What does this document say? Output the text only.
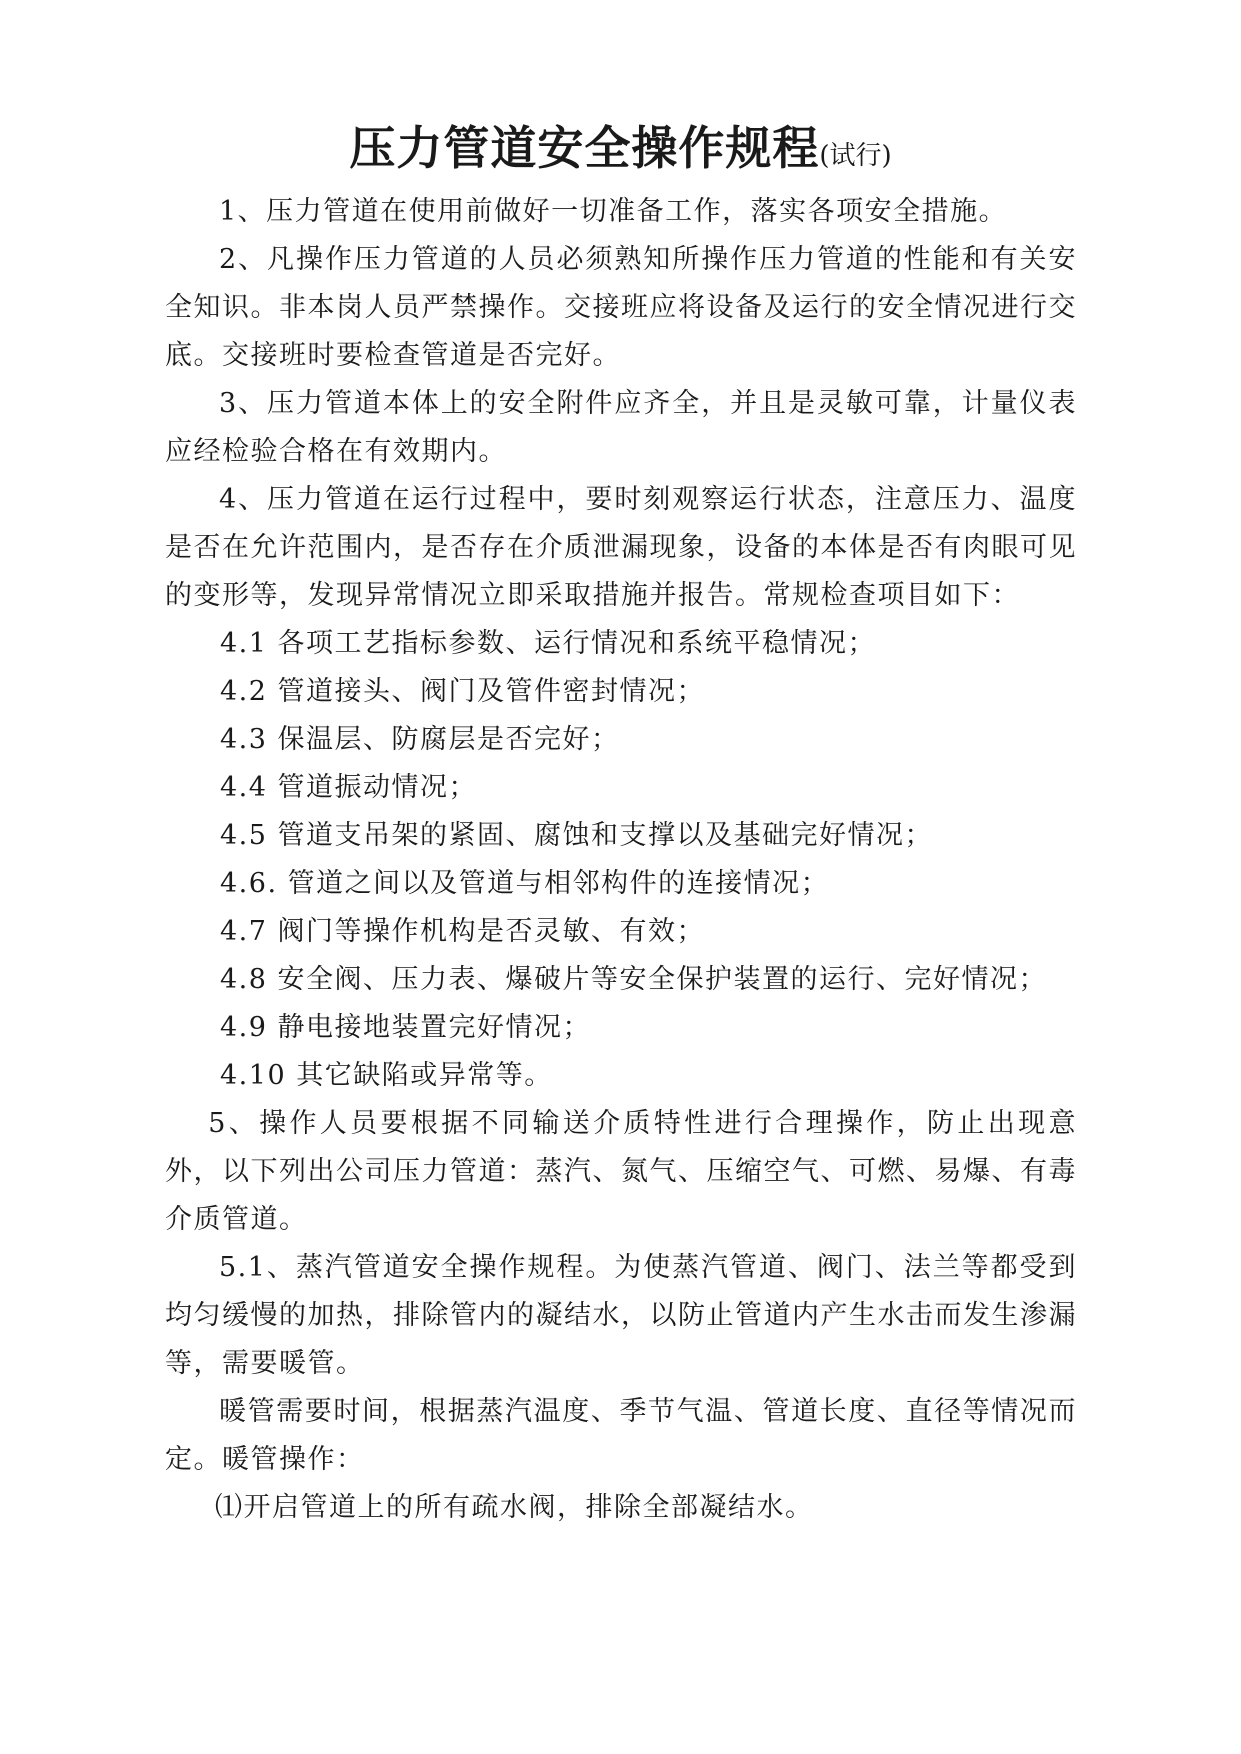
压力管道安全操作规程(试行)

1、压力管道在使用前做好一切准备工作，落实各项安全措施。

2、凡操作压力管道的人员必须熟知所操作压力管道的性能和有关安全知识。非本岗人员严禁操作。交接班应将设备及运行的安全情况进行交底。交接班时要检查管道是否完好。

3、压力管道本体上的安全附件应齐全，并且是灵敏可靠，计量仪表应经检验合格在有效期内。

4、压力管道在运行过程中，要时刻观察运行状态，注意压力、温度是否在允许范围内，是否存在介质泄漏现象，设备的本体是否有肉眼可见的变形等，发现异常情况立即采取措施并报告。常规检查项目如下：

4.1 各项工艺指标参数、运行情况和系统平稳情况；

4.2 管道接头、阀门及管件密封情况；

4.3 保温层、防腐层是否完好；

4.4 管道振动情况；

4.5 管道支吊架的紧固、腐蚀和支撑以及基础完好情况；

4.6. 管道之间以及管道与相邻构件的连接情况；

4.7 阀门等操作机构是否灵敏、有效；

4.8 安全阀、压力表、爆破片等安全保护装置的运行、完好情况；

4.9 静电接地装置完好情况；

4.10 其它缺陷或异常等。

5、操作人员要根据不同输送介质特性进行合理操作，防止出现意外，以下列出公司压力管道：蒸汽、氮气、压缩空气、可燃、易爆、有毒介质管道。

5.1、蒸汽管道安全操作规程。为使蒸汽管道、阀门、法兰等都受到均匀缓慢的加热，排除管内的凝结水，以防止管道内产生水击而发生渗漏等，需要暖管。

暖管需要时间，根据蒸汽温度、季节气温、管道长度、直径等情况而定。暖管操作：

⑴开启管道上的所有疏水阀，排除全部凝结水。
